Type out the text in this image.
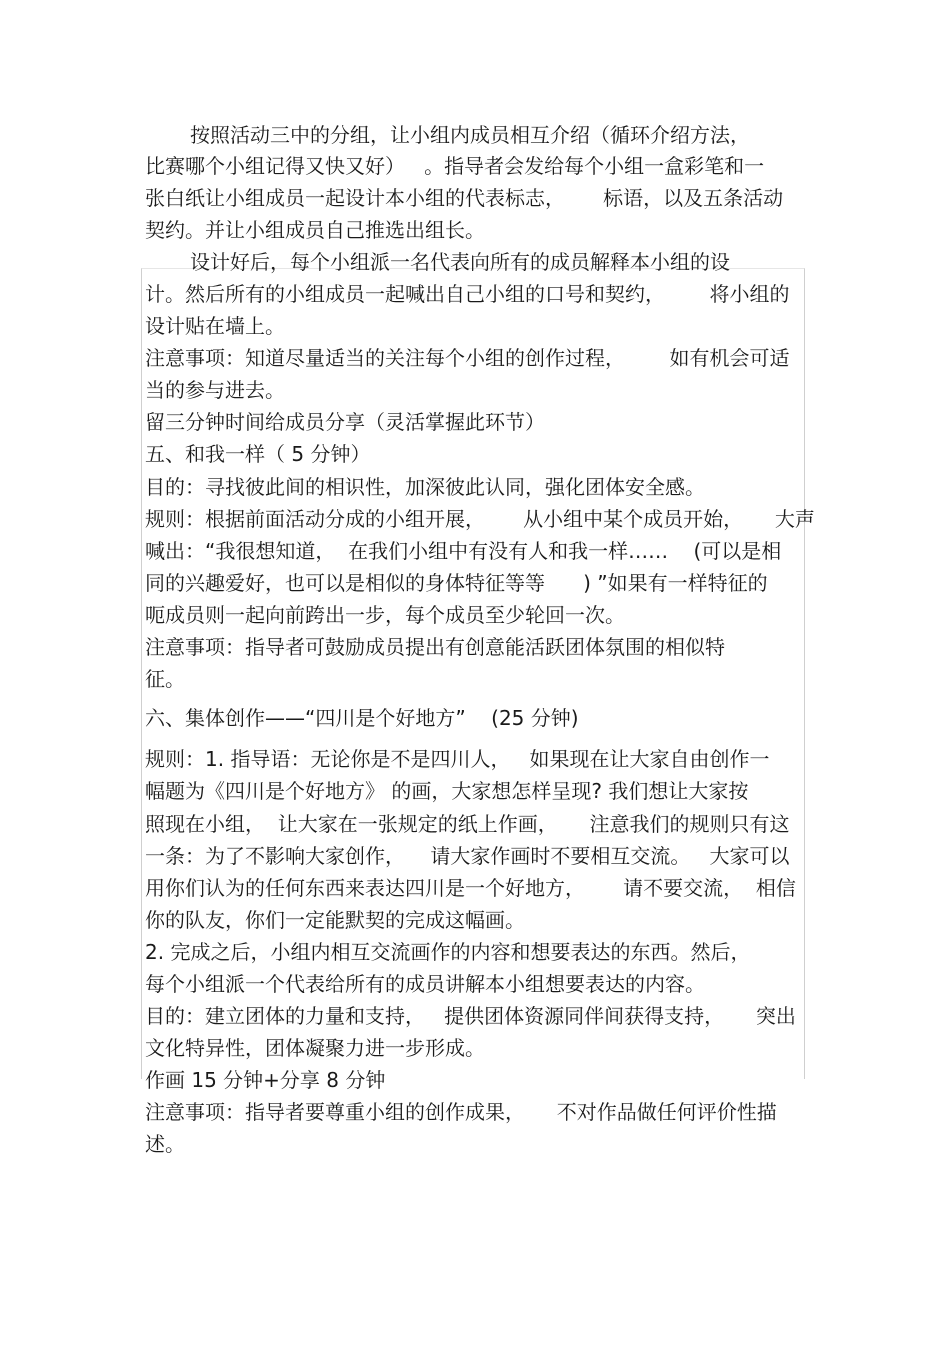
按照活动三中的分组，让小组内成员相互介绍（循环介绍方法，
比赛哪个小组记得又快又好）   。指导者会发给每个小组一盒彩笔和一
张白纸让小组成员一起设计本小组的代表标志，      标语，以及五条活动
契约。并让小组成员自己推选出组长。
设计好后，每个小组派一名代表向所有的成员解释本小组的设
计。然后所有的小组成员一起喊出自己小组的口号和契约，       将小组的
设计贴在墙上。
注意事项：知道尽量适当的关注每个小组的创作过程，       如有机会可适
当的参与进去。
留三分钟时间给成员分享（灵活掌握此环节）
五、和我一样（ 5 分钟）
目的：寻找彼此间的相识性，加深彼此认同，强化团体安全感。
规则：根据前面活动分成的小组开展，      从小组中某个成员开始，     大声
喊出：“我很想知道，  在我们小组中有没有人和我一样……    (可以是相
同的兴趣爱好，也可以是相似的身体特征等等      ) ”如果有一样特征的
呃成员则一起向前跨出一步，每个成员至少轮回一次。
注意事项：指导者可鼓励成员提出有创意能活跃团体氛围的相似特
征。
六、集体创作——“四川是个好地方”    (25 分钟)
规则：1. 指导语：无论你是不是四川人，   如果现在让大家自由创作一
幅题为《四川是个好地方》 的画，大家想怎样呈现? 我们想让大家按
照现在小组，  让大家在一张规定的纸上作画，     注意我们的规则只有这
一条：为了不影响大家创作，    请大家作画时不要相互交流。   大家可以
用你们认为的任何东西来表达四川是一个好地方，      请不要交流，  相信
你的队友，你们一定能默契的完成这幅画。
2. 完成之后，小组内相互交流画作的内容和想要表达的东西。然后，
每个小组派一个代表给所有的成员讲解本小组想要表达的内容。
目的：建立团体的力量和支持，   提供团体资源同伴间获得支持，     突出
文化特异性，团体凝聚力进一步形成。
作画 15 分钟+分享 8 分钟
注意事项：指导者要尊重小组的创作成果，     不对作品做任何评价性描
述。
